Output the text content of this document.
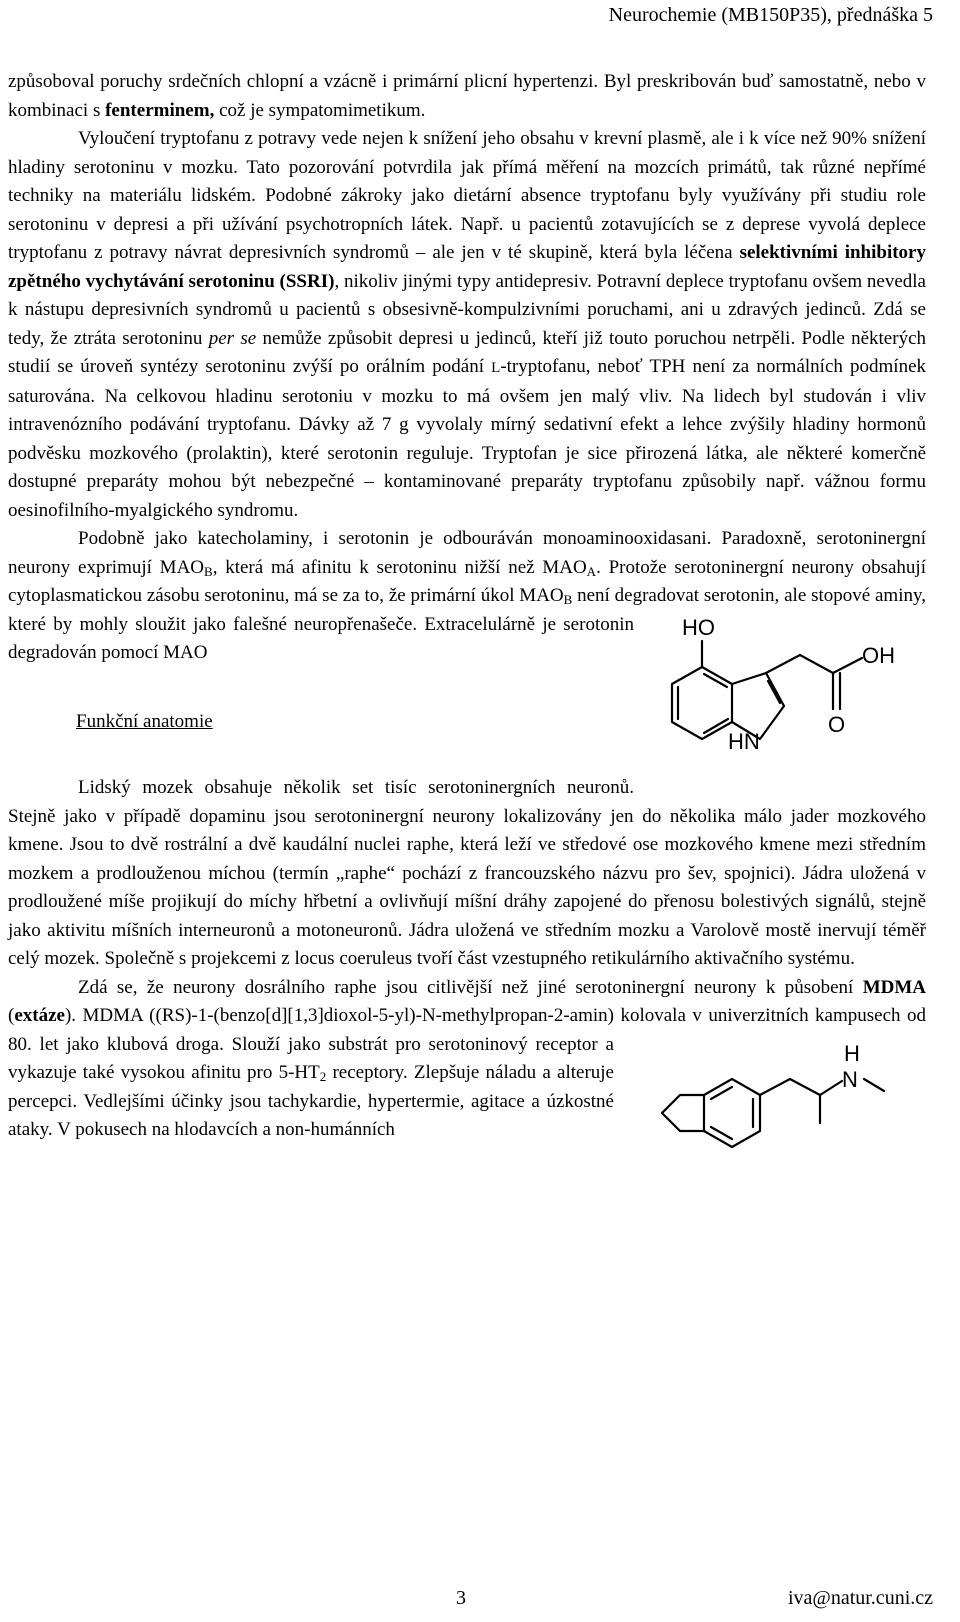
Neurochemie (MB150P35), přednáška 5

způsoboval poruchy srdečních chlopní a vzácně i primární plicní hypertenzi. Byl preskribován buď samostatně, nebo v kombinaci s fenterminem, což je sympatomimetikum.

Vyloučení tryptofanu z potravy vede nejen k snížení jeho obsahu v krevní plasmě, ale i k více než 90% snížení hladiny serotoninu v mozku. Tato pozorování potvrdila jak přímá měření na mozcích primátů, tak různé nepřímé techniky na materiálu lidském. Podobné zákroky jako dietární absence tryptofanu byly využívány při studiu role serotoninu v depresi a při užívání psychotropních látek. Např. u pacientů zotavujících se z deprese vyvolá deplece tryptofanu z potravy návrat depresivních syndromů – ale jen v té skupině, která byla léčena selektivními inhibitory zpětného vychytávání serotoninu (SSRI), nikoliv jinými typy antidepresiv. Potravní deplece tryptofanu ovšem nevedla k nástupu depresivních syndromů u pacientů s obsesivně-kompulzivními poruchami, ani u zdravých jedinců. Zdá se tedy, že ztráta serotoninu per se nemůže způsobit depresi u jedinců, kteří již touto poruchou netrpěli. Podle některých studií se úroveň syntézy serotoninu zvýší po orálním podání L-tryptofanu, neboť TPH není za normálních podmínek saturována. Na celkovou hladinu serotoniu v mozku to má ovšem jen malý vliv. Na lidech byl studován i vliv intravenózního podávání tryptofanu. Dávky až 7 g vyvolaly mírný sedativní efekt a lehce zvýšily hladiny hormonů podvěsku mozkového (prolaktin), které serotonin reguluje. Tryptofan je sice přirozená látka, ale některé komerčně dostupné preparáty mohou být nebezpečné – kontaminované preparáty tryptofanu způsobily např. vážnou formu oesinofilního-myalgického syndromu.

Podobně jako katecholaminy, i serotonin je odbouráván monoaminooxidasani. Paradoxně, serotoninergní neurony exprimují $MAO_B$, která má afinitu k serotoninu nižší než $MAO_A$. Protože serotoninergní neurony obsahují cytoplasmatickou zásobu serotoninu, má se za to, že primární úkol $MAO_B$ není degradovat serotonin, ale stopové aminy, které by mohly	HO
OH
O
HN
sloužit jako falešné neuropřenašeče. Extracelulárně je serotonin degradován pomocí MAO

Funkční anatomie

Lidský mozek obsahuje několik set tisíc serotoninergních neuronů. Stejně jako v případě dopaminu jsou serotoninergní neurony lokalizovány jen do několika málo jader mozkového kmene. Jsou to dvě rostrální a dvě kaudální nuclei raphe, která leží ve středové ose mozkového kmene mezi středním mozkem a prodlouženou míchou (termín „raphe“ pochází z francouzského názvu pro šev, spojnici). Jádra uložená v prodloužené míše projikují do míchy hřbetní a ovlivňují míšní dráhy zapojené do přenosu bolestivých signálů, stejně jako aktivitu míšních interneuronů a motoneuronů. Jádra uložená ve středním mozku a Varolově mostě inervují téměř celý mozek. Společně s projekcemi z locus coeruleus tvoří část vzestupného retikulárního aktivačního systému.

Zdá se, že neurony dosrálního raphe jsou citlivější než jiné serotoninergní neurony k působení MDMA (extáze). MDMA ((RS)-1-(benzo[d][1,3]dioxol-5-yl)-N-methylpropan-2-amin) kolovala v univerzitních kampusech od 80. let jako klubová droga. Slouží jako substrát	H
N
pro serotoninový receptor a vykazuje také vysokou afinitu pro $5-HT_2$ receptory. Zlepšuje náladu a alteruje percepci. Vedlejšími účinky jsou tachykardie, hypertermie, agitace a úzkostné ataky. V pokusech na hlodavcích a non-humánních

3	iva@natur.cuni.cz
